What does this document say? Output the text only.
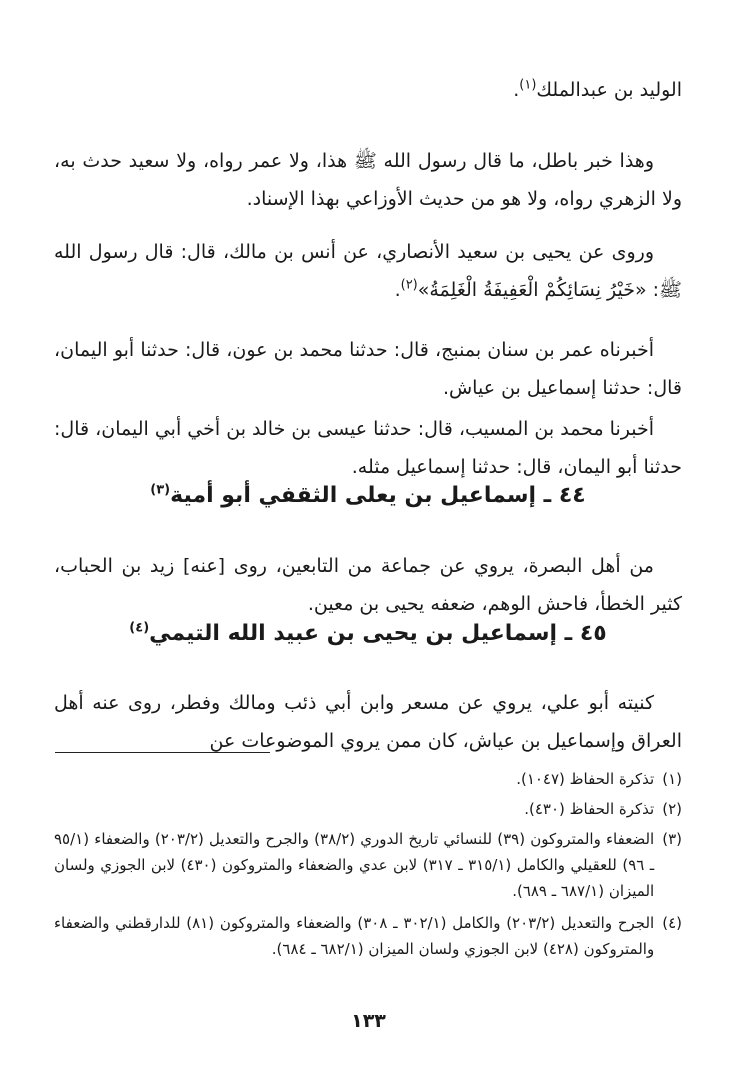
الوليد بن عبدالملك$^{(١)}$.

وهذا خبر باطل، ما قال رسول الله ﷺ هذا، ولا عمر رواه، ولا سعيد حدث به، ولا الزهري رواه، ولا هو من حديث الأوزاعي بهذا الإسناد.

وروى عن يحيى بن سعيد الأنصاري، عن أنس بن مالك، قال: قال رسول الله ﷺ: «خَيْرُ نِسَائِكُمْ الْعَفِيفَةُ الْغَلِمَةُ»$^{(٢)}$.

أخبرناه عمر بن سنان بمنبج، قال: حدثنا محمد بن عون، قال: حدثنا أبو اليمان، قال: حدثنا إسماعيل بن عياش.

أخبرنا محمد بن المسيب، قال: حدثنا عيسى بن خالد بن أخي أبي اليمان، قال: حدثنا أبو اليمان، قال: حدثنا إسماعيل مثله.

٤٤ ـ إسماعيل بن يعلى الثقفي أبو أمية$^{(٣)}$

من أهل البصرة، يروي عن جماعة من التابعين، روى [عنه] زيد بن الحباب، كثير الخطأ، فاحش الوهم، ضعفه يحيى بن معين.

٤٥ ـ إسماعيل بن يحيى بن عبيد الله التيمي$^{(٤)}$

كنيته أبو علي، يروي عن مسعر وابن أبي ذئب ومالك وفطر، روى عنه أهل العراق وإسماعيل بن عياش، كان ممن يروي الموضوعات عن

(١)
تذكرة الحفاظ (١٠٤٧).
(٢)
تذكرة الحفاظ (٤٣٠).
(٣)
الضعفاء والمتروكون (٣٩) للنسائي تاريخ الدوري (٣٨/٢) والجرح والتعديل (٢٠٣/٢) والضعفاء (٩٥/١ ـ ٩٦) للعقيلي والكامل (٣١٥/١ ـ ٣١٧) لابن عدي والضعفاء والمتروكون (٤٣٠) لابن الجوزي ولسان الميزان (٦٨٧/١ ـ ٦٨٩).
(٤)
الجرح والتعديل (٢٠٣/٢) والكامل (٣٠٢/١ ـ ٣٠٨) والضعفاء والمتروكون (٨١) للدارقطني والضعفاء والمتروكون (٤٢٨) لابن الجوزي ولسان الميزان (٦٨٢/١ ـ ٦٨٤).
١٣٣
